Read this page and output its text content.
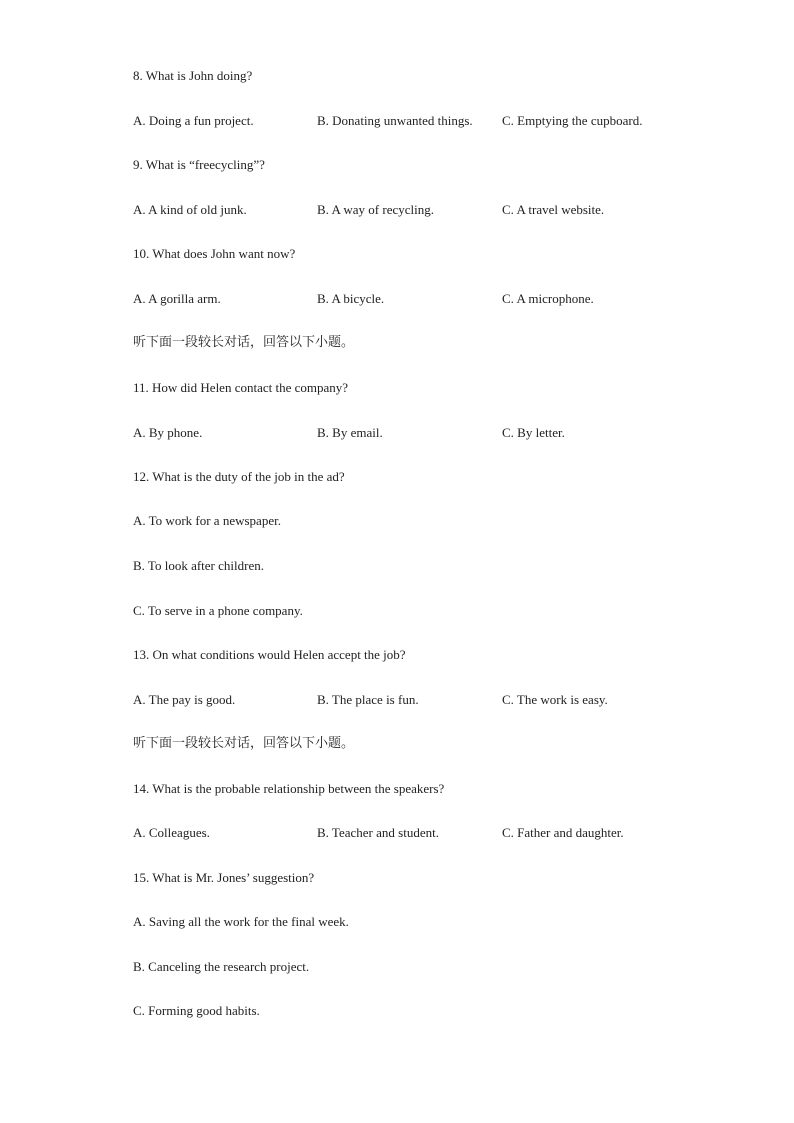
8. What is John doing?
A. Doing a fun project.	B. Donating unwanted things. C. Emptying the cupboard.
9. What is “freecycling”?
A. A kind of old junk.	B. A way of recycling.	C. A travel website.
10. What does John want now?
A. A gorilla arm.	B. A bicycle.	C. A microphone.
听下面一段较长对话，回答以下小题。
11. How did Helen contact the company?
A. By phone.	B. By email.	C. By letter.
12. What is the duty of the job in the ad?
A. To work for a newspaper.
B. To look after children.
C. To serve in a phone company.
13. On what conditions would Helen accept the job?
A. The pay is good.	B. The place is fun.	C. The work is easy.
听下面一段较长对话，回答以下小题。
14. What is the probable relationship between the speakers?
A. Colleagues.	B. Teacher and student.	C. Father and daughter.
15. What is Mr. Jones’ suggestion?
A. Saving all the work for the final week.
B. Canceling the research project.
C. Forming good habits.
